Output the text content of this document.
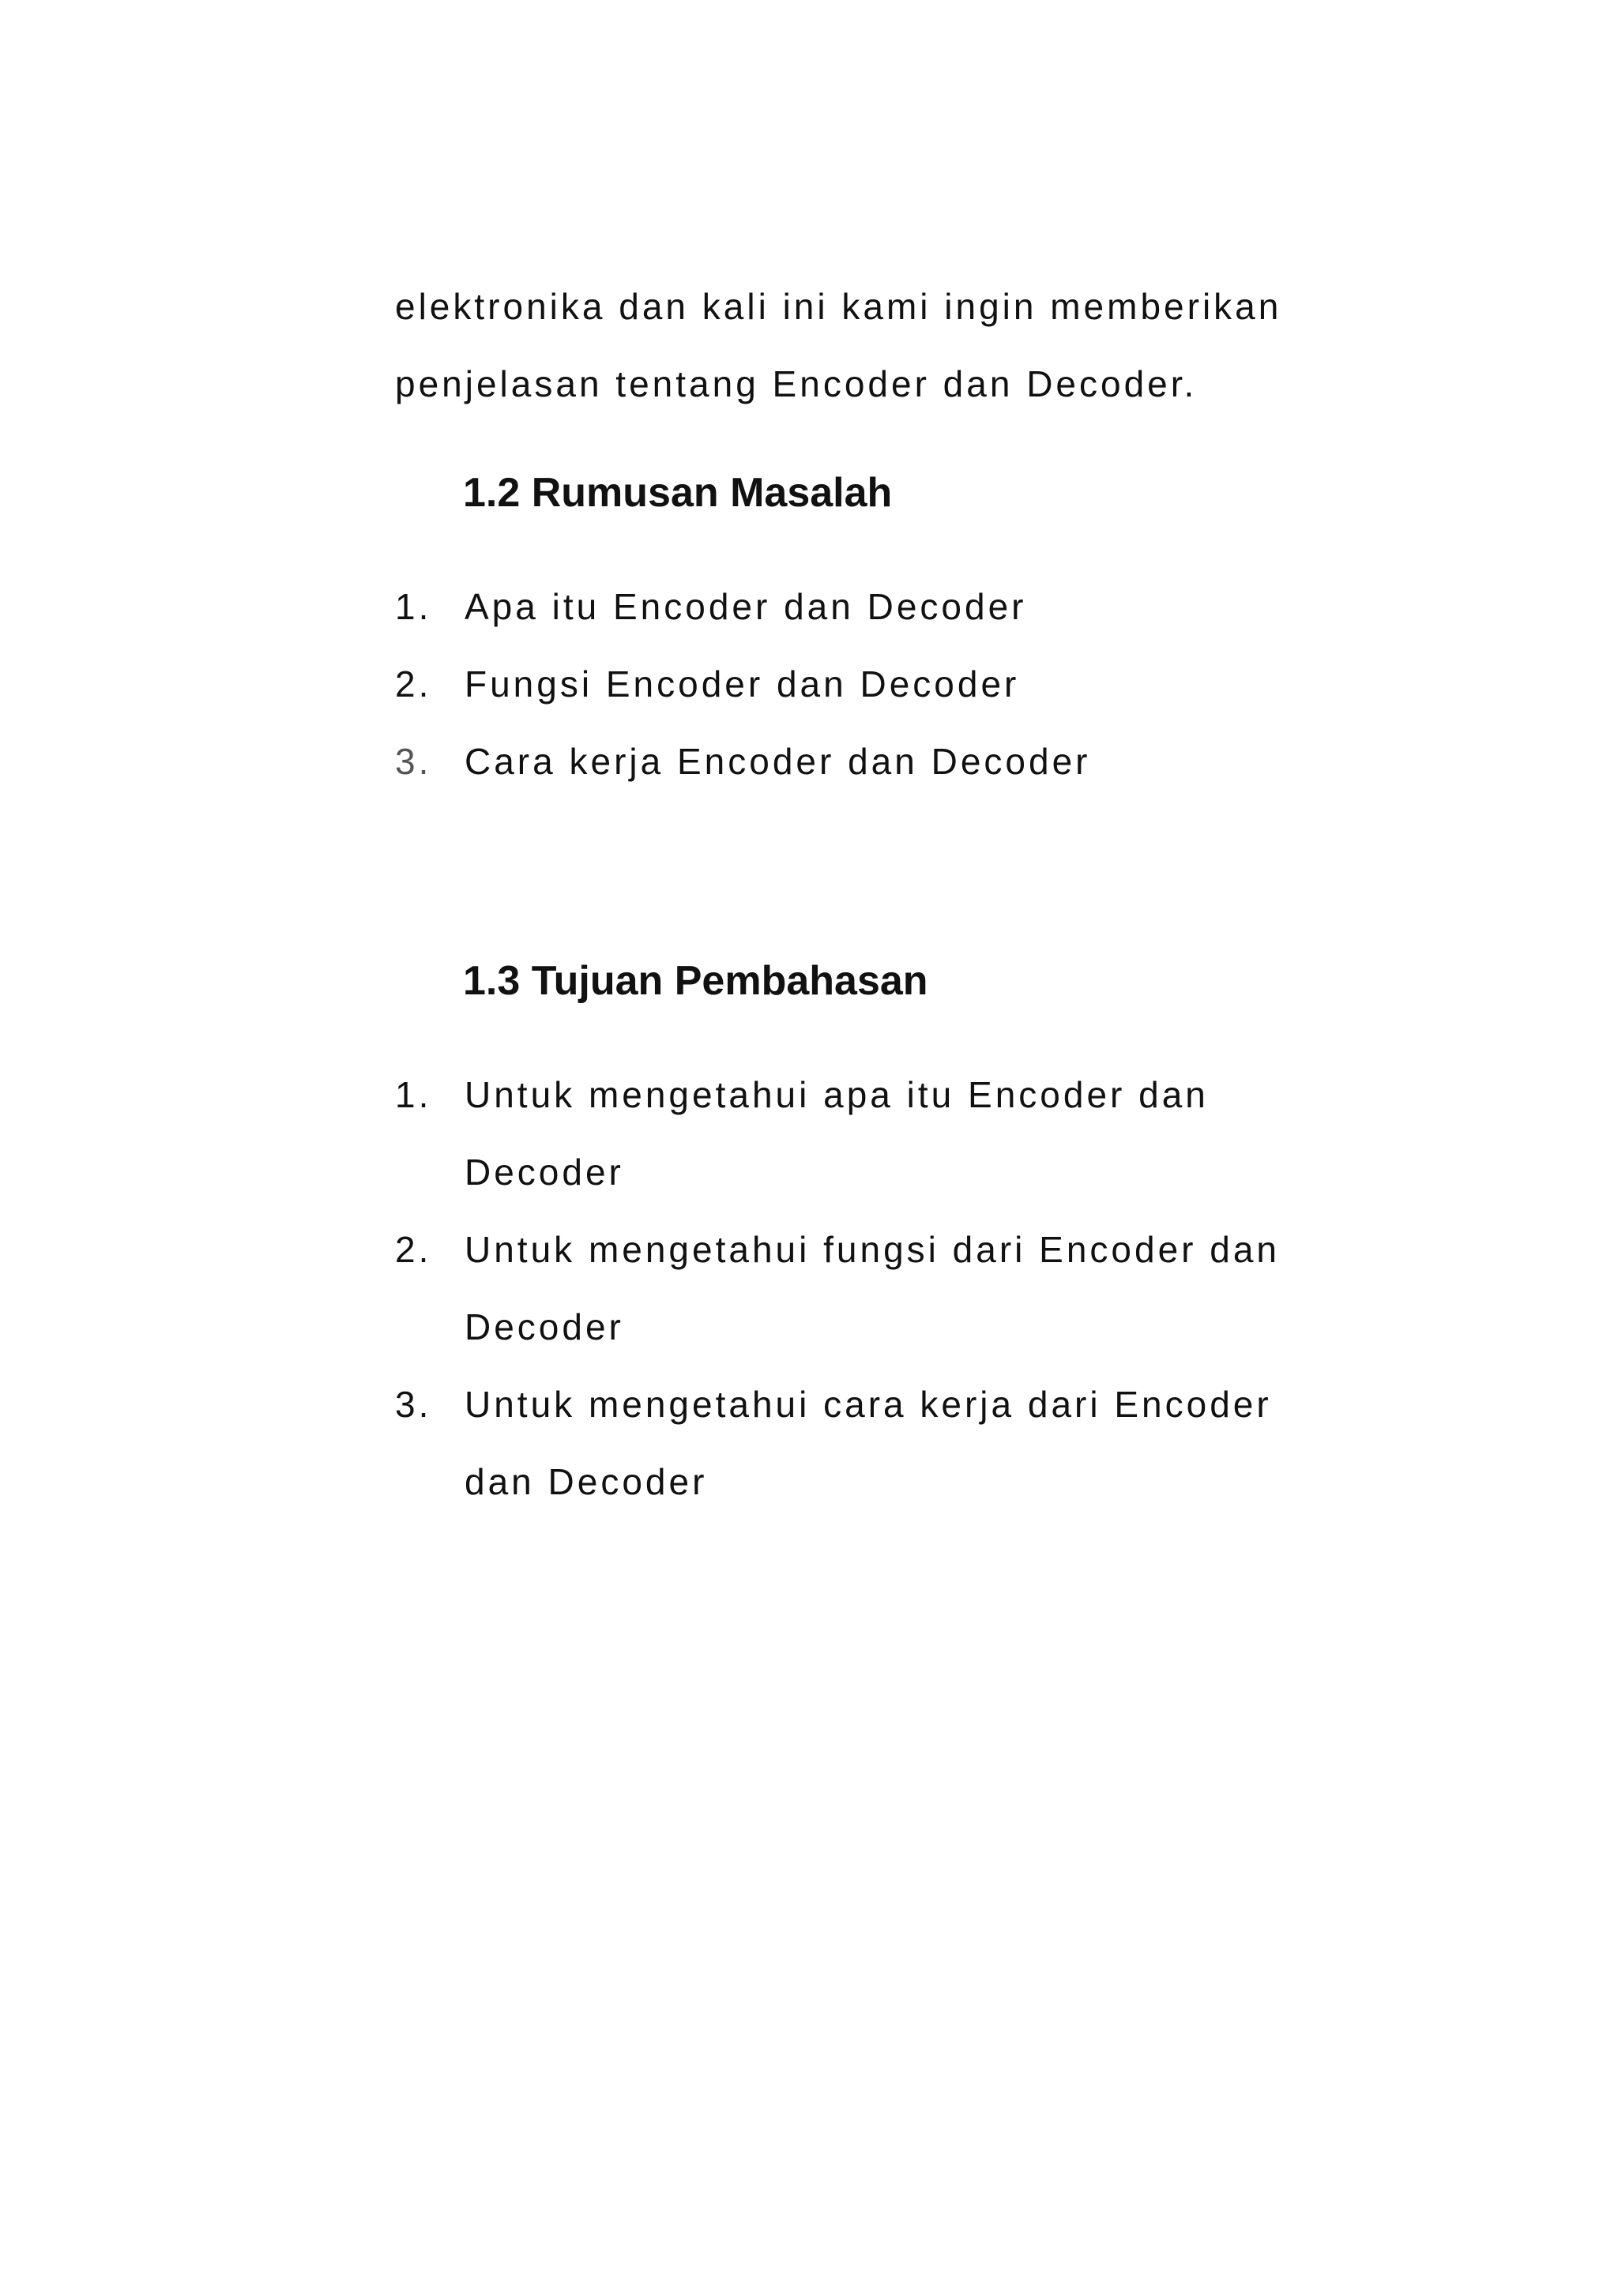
elektronika dan kali ini kami ingin memberikan
penjelasan tentang Encoder dan Decoder.
1.2 Rumusan Masalah
1. Apa itu Encoder dan Decoder
2. Fungsi Encoder dan Decoder
3. Cara kerja Encoder dan Decoder
1.3 Tujuan Pembahasan
1. Untuk mengetahui apa itu Encoder dan
Decoder
2. Untuk mengetahui fungsi dari Encoder dan
Decoder
3. Untuk mengetahui cara kerja dari Encoder
dan Decoder
